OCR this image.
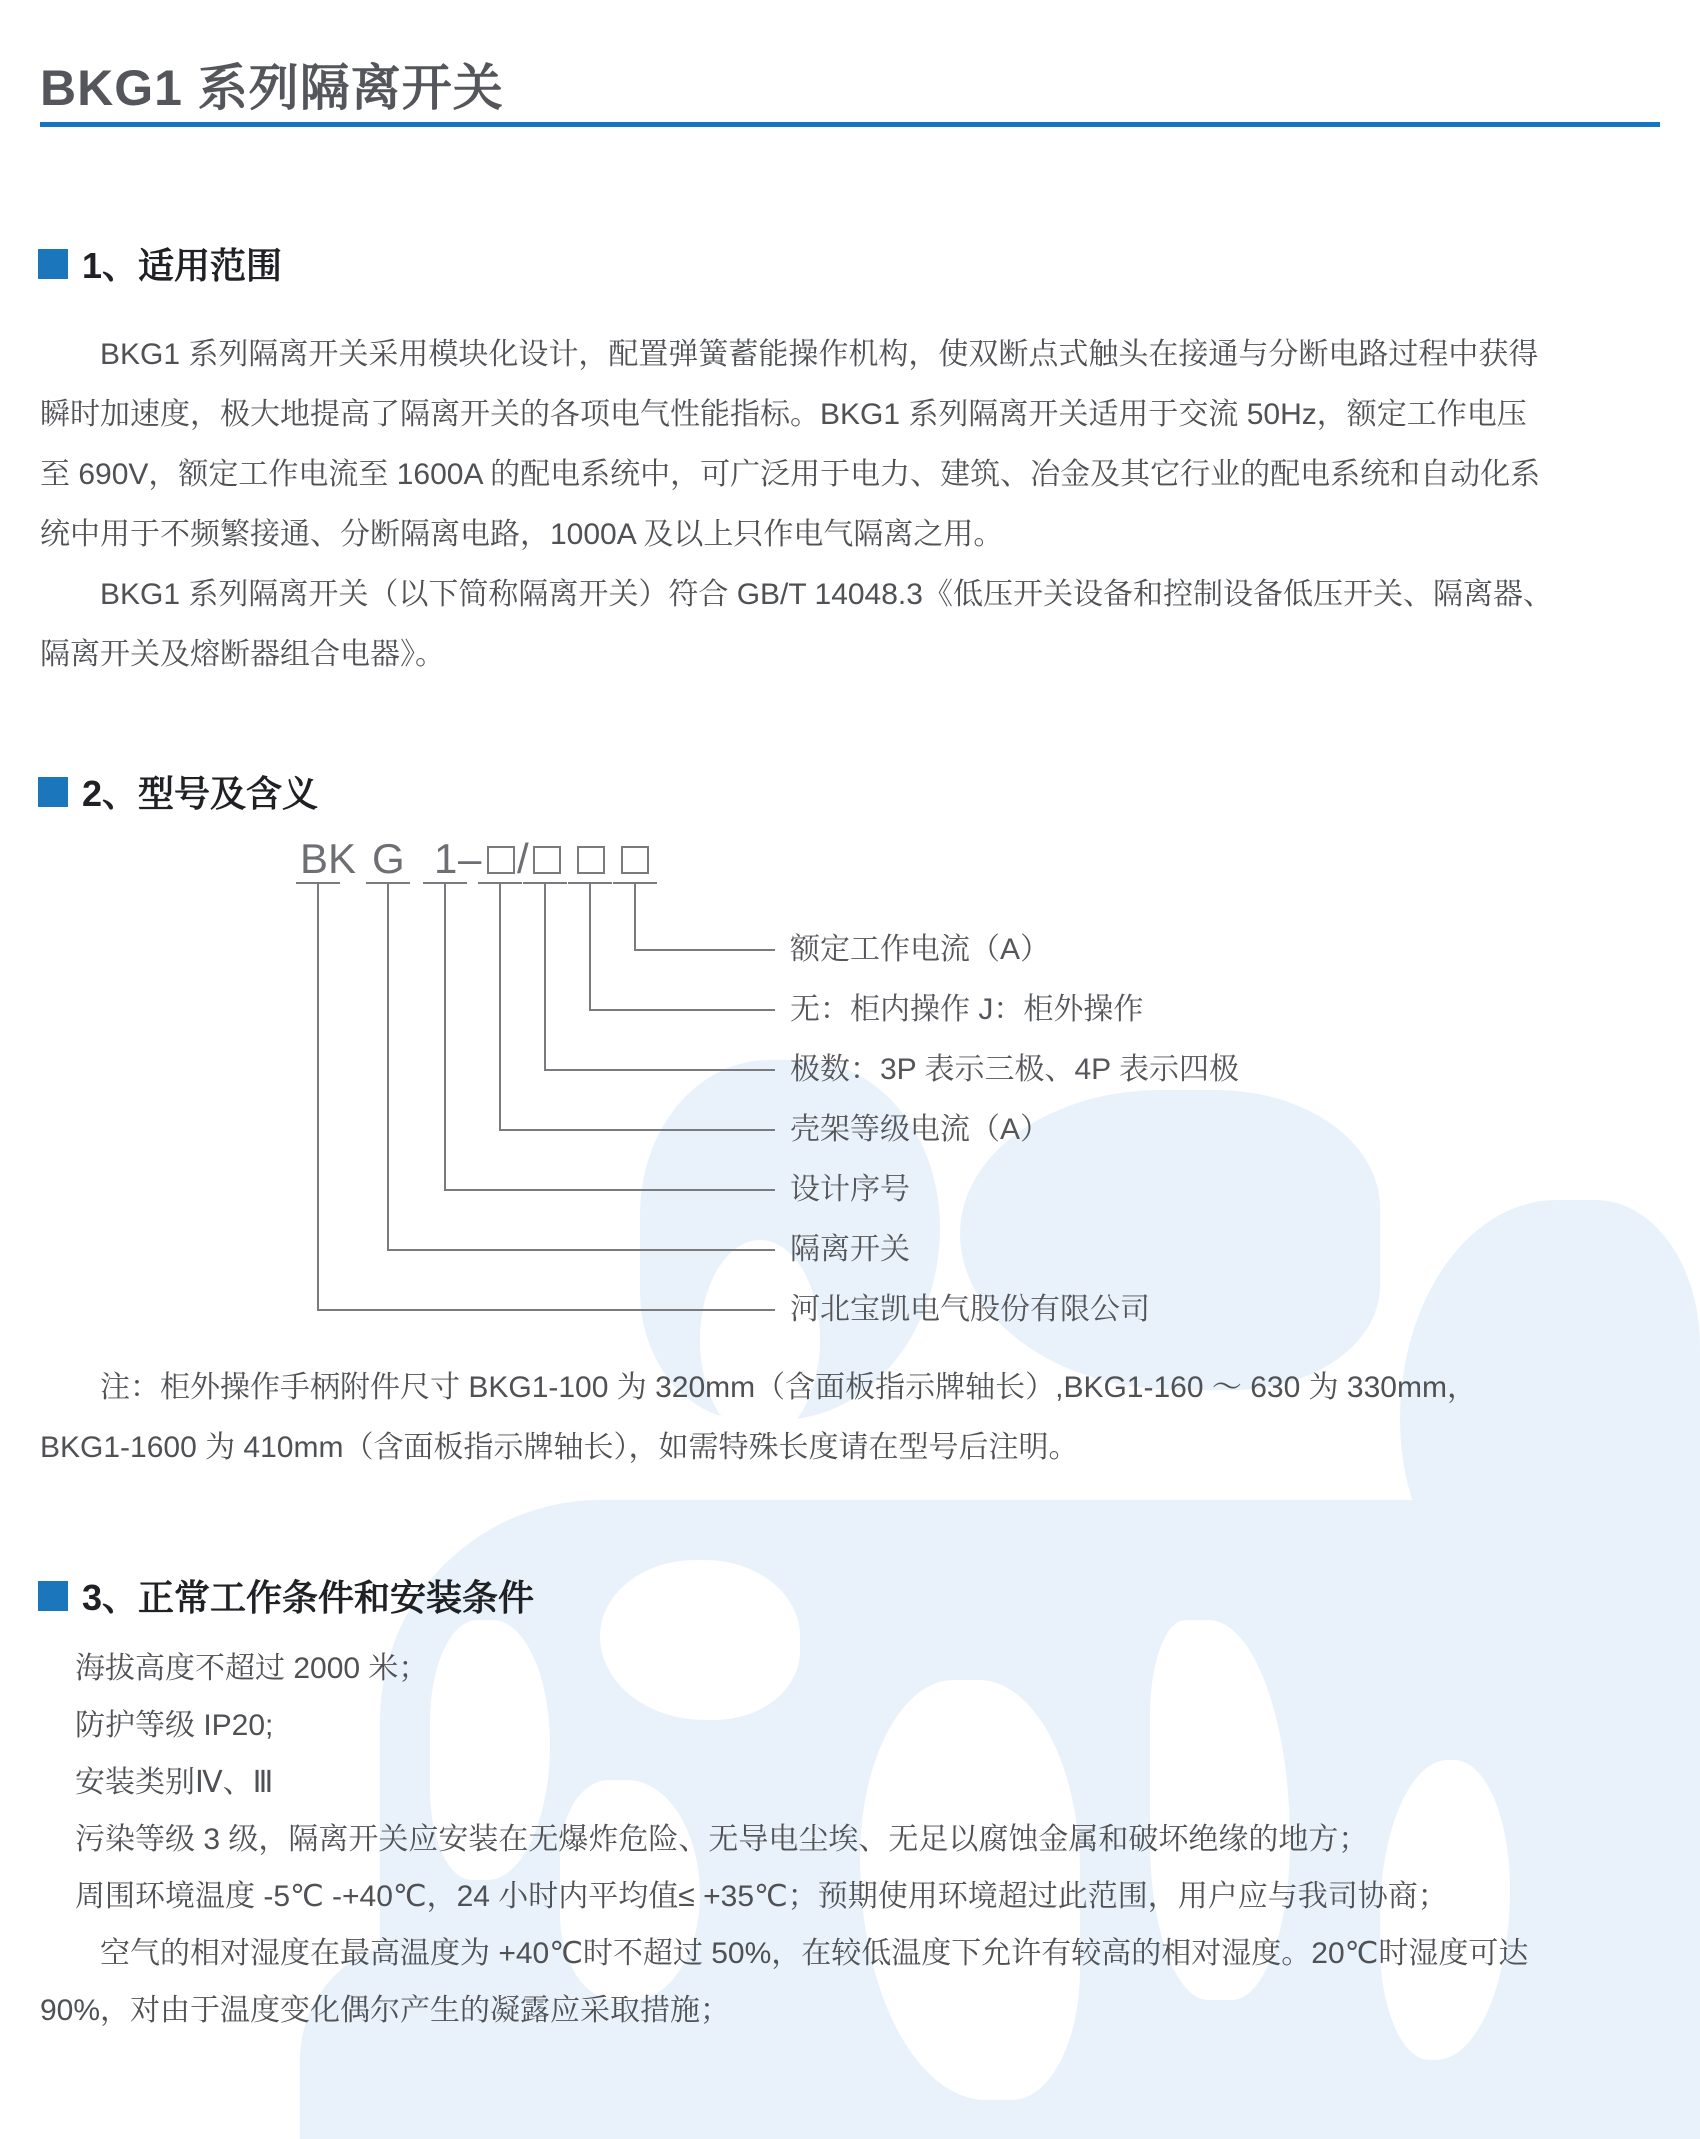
BKG1 系列隔离开关
1、适用范围
BKG1 系列隔离开关采用模块化设计，配置弹簧蓄能操作机构，使双断点式触头在接通与分断电路过程中获得
瞬时加速度，极大地提高了隔离开关的各项电气性能指标。BKG1 系列隔离开关适用于交流 50Hz，额定工作电压
至 690V，额定工作电流至 1600A 的配电系统中，可广泛用于电力、建筑、冶金及其它行业的配电系统和自动化系
统中用于不频繁接通、分断隔离电路，1000A 及以上只作电气隔离之用。
BKG1 系列隔离开关（以下简称隔离开关）符合 GB/T 14048.3《低压开关设备和控制设备低压开关、隔离器、
隔离开关及熔断器组合电器》。
2、型号及含义
BK G 1 – /
额定工作电流（A）
无：柜内操作 J：柜外操作
极数：3P 表示三极、4P 表示四极
壳架等级电流（A）
设计序号
隔离开关
河北宝凯电气股份有限公司
注：柜外操作手柄附件尺寸 BKG1-100 为 320mm（含面板指示牌轴长）,BKG1-160 ～ 630 为 330mm，
BKG1-1600 为 410mm（含面板指示牌轴长），如需特殊长度请在型号后注明。
3、正常工作条件和安装条件
海拔高度不超过 2000 米；
防护等级 IP20;
安装类别Ⅳ、Ⅲ
污染等级 3 级，隔离开关应安装在无爆炸危险、无导电尘埃、无足以腐蚀金属和破坏绝缘的地方；
周围环境温度 -5℃ -+40℃，24 小时内平均值≤ +35℃；预期使用环境超过此范围，用户应与我司协商；
空气的相对湿度在最高温度为 +40℃时不超过 50%，在较低温度下允许有较高的相对湿度。20℃时湿度可达
90%，对由于温度变化偶尔产生的凝露应采取措施；
